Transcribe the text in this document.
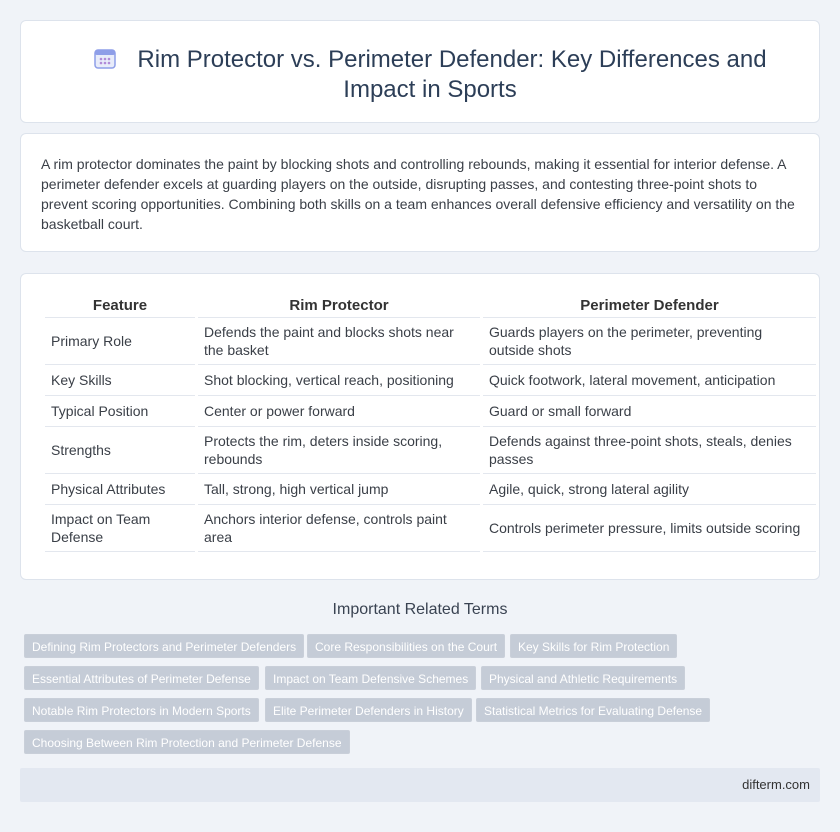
Rim Protector vs. Perimeter Defender: Key Differences and Impact in Sports

A rim protector dominates the paint by blocking shots and controlling rebounds, making it essential for interior defense. A perimeter defender excels at guarding players on the outside, disrupting passes, and contesting three-point shots to prevent scoring opportunities. Combining both skills on a team enhances overall defensive efficiency and versatility on the basketball court.

Feature	Rim Protector	Perimeter Defender
Primary Role	Defends the paint and blocks shots near the basket	Guards players on the perimeter, preventing outside shots
Key Skills	Shot blocking, vertical reach, positioning	Quick footwork, lateral movement, anticipation
Typical Position	Center or power forward	Guard or small forward
Strengths	Protects the rim, deters inside scoring, rebounds	Defends against three-point shots, steals, denies passes
Physical Attributes	Tall, strong, high vertical jump	Agile, quick, strong lateral agility
Impact on Team Defense	Anchors interior defense, controls paint area	Controls perimeter pressure, limits outside scoring
Important Related Terms
Defining Rim Protectors and Perimeter Defenders	Core Responsibilities on the Court	Key Skills for Rim Protection
Essential Attributes of Perimeter Defense	Impact on Team Defensive Schemes	Physical and Athletic Requirements
Notable Rim Protectors in Modern Sports	Elite Perimeter Defenders in History	Statistical Metrics for Evaluating Defense
Choosing Between Rim Protection and Perimeter Defense
difterm.com
